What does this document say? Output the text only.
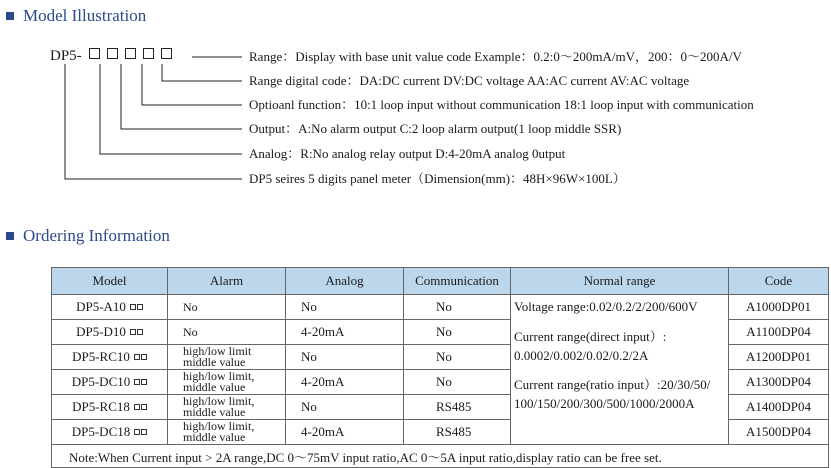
Model Illustration
DP5-	Range：Display with base unit value code Example：0.2:0～200mA/mV，200：0～200A/V
Range digital code：DA:DC current DV:DC voltage AA:AC current AV:AC voltage
Optioanl function：10:1 loop input without communication 18:1 loop input with communication
Output：A:No alarm output C:2 loop alarm output(1 loop middle SSR)
Analog：R:No analog relay output D:4-20mA analog 0utput
DP5 seires 5 digits panel meter（Dimension(mm)：48H×96W×100L）
Ordering Information
Model	Alarm	Analog	Communication	Normal range	Code
DP5-A10	No	No	No	Voltage range:0.02/0.2/2/200/600V
Current range(direct input）:
0.0002/0.002/0.02/0.2/2A
Current range(ratio input）:20/30/50/
100/150/200/300/500/1000/2000A	A1000DP01
DP5-D10	No	4-20mA	No		A1100DP04
DP5-RC10	high/low limit
middle value	No	No		A1200DP01
DP5-DC10	high/low limit,
middle value	4-20mA	No		A1300DP04
DP5-RC18	high/low limit,
middle value	No	RS485		A1400DP04
DP5-DC18	high/low limit,
middle value	4-20mA	RS485		A1500DP04
Note:When Current input > 2A range,DC 0～75mV input ratio,AC 0～5A input ratio,display ratio can be free set.					
